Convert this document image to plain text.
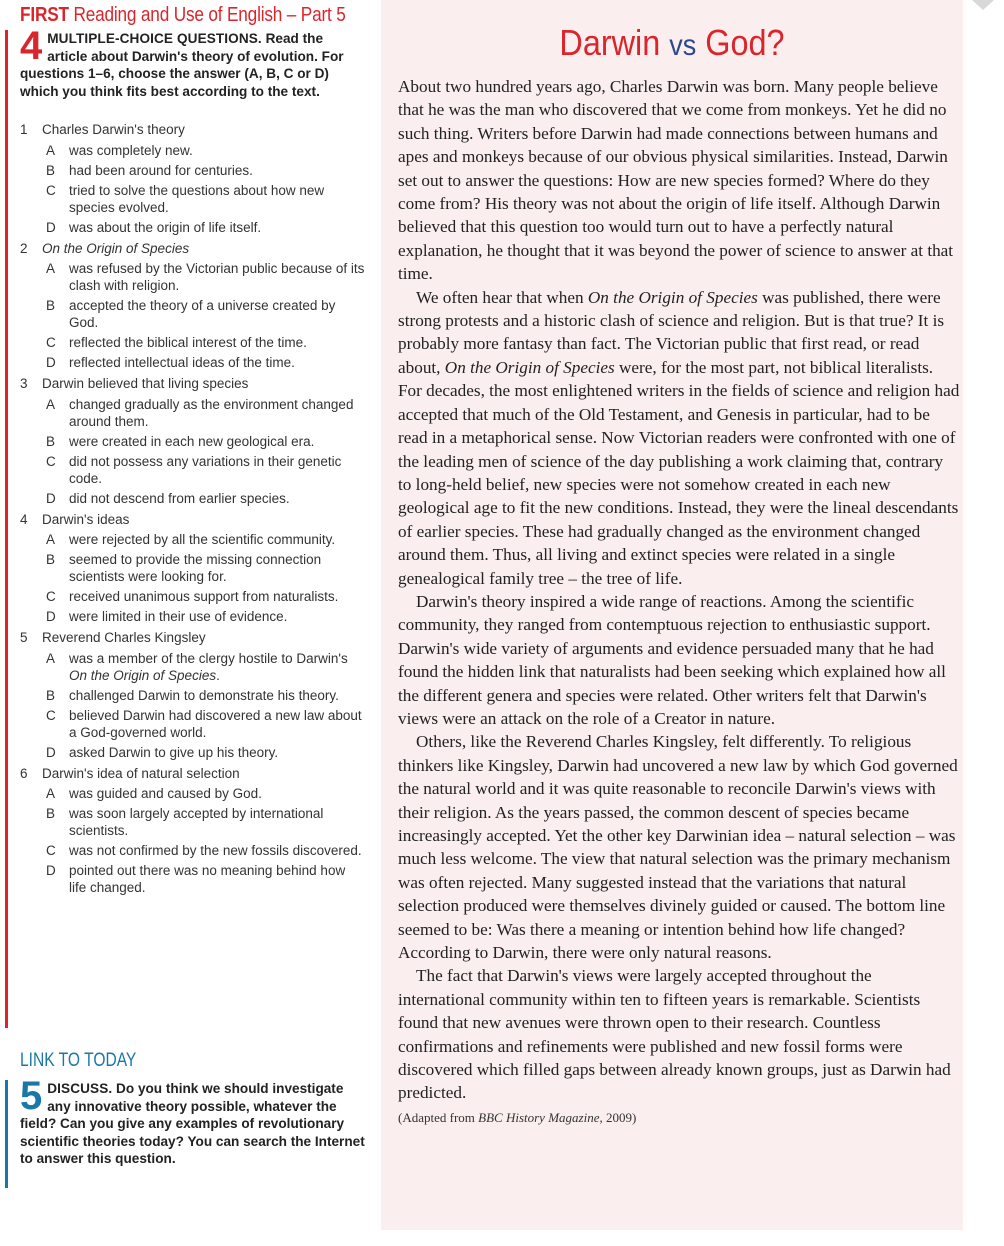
FIRST Reading and Use of English – Part 5
4 MULTIPLE-CHOICE QUESTIONS. Read the article about Darwin's theory of evolution. For questions 1–6, choose the answer (A, B, C or D) which you think fits best according to the text.
1	Charles Darwin's theory
A	was completely new.
B	had been around for centuries.
C tried to solve the questions about how new species evolved.
D was about the origin of life itself.
2	On the Origin of Species
A	was refused by the Victorian public because of its clash with religion.
B	accepted the theory of a universe created by God.
C reflected the biblical interest of the time.
D reflected intellectual ideas of the time.
3	Darwin believed that living species
A	changed gradually as the environment changed around them.
B	were created in each new geological era.
C did not possess any variations in their genetic code.
D did not descend from earlier species.
4	Darwin's ideas
A	were rejected by all the scientific community.
B	seemed to provide the missing connection scientists were looking for.
C received unanimous support from naturalists.
D were limited in their use of evidence.
5	Reverend Charles Kingsley
A	was a member of the clergy hostile to Darwin's On the Origin of Species.
B	challenged Darwin to demonstrate his theory.
C believed Darwin had discovered a new law about a God-governed world.
D asked Darwin to give up his theory.
6	Darwin's idea of natural selection
A	was guided and caused by God.
B	was soon largely accepted by international scientists.
C was not confirmed by the new fossils discovered.
D pointed out there was no meaning behind how life changed.
LINK TO TODAY
5 DISCUSS. Do you think we should investigate any innovative theory possible, whatever the field? Can you give any examples of revolutionary scientific theories today? You can search the Internet to answer this question.
Darwin vs God?

About two hundred years ago, Charles Darwin was born. Many people believe that he was the man who discovered that we come from monkeys. Yet he did no such thing. Writers before Darwin had made connections between humans and apes and monkeys because of our obvious physical similarities. Instead, Darwin set out to answer the questions: How are new species formed? Where do they come from? His theory was not about the origin of life itself. Although Darwin believed that this question too would turn out to have a perfectly natural explanation, he thought that it was beyond the power of science to answer at that time.

We often hear that when On the Origin of Species was published, there were strong protests and a historic clash of science and religion. But is that true? It is probably more fantasy than fact. The Victorian public that first read, or read about, On the Origin of Species were, for the most part, not biblical literalists. For decades, the most enlightened writers in the fields of science and religion had accepted that much of the Old Testament, and Genesis in particular, had to be read in a metaphorical sense. Now Victorian readers were confronted with one of the leading men of science of the day publishing a work claiming that, contrary to long-held belief, new species were not somehow created in each new geological age to fit the new conditions. Instead, they were the lineal descendants of earlier species. These had gradually changed as the environment changed around them. Thus, all living and extinct species were related in a single genealogical family tree – the tree of life.

Darwin's theory inspired a wide range of reactions. Among the scientific community, they ranged from contemptuous rejection to enthusiastic support. Darwin's wide variety of arguments and evidence persuaded many that he had found the hidden link that naturalists had been seeking which explained how all the different genera and species were related. Other writers felt that Darwin's views were an attack on the role of a Creator in nature.

Others, like the Reverend Charles Kingsley, felt differently. To religious thinkers like Kingsley, Darwin had uncovered a new law by which God governed the natural world and it was quite reasonable to reconcile Darwin's views with their religion. As the years passed, the common descent of species became increasingly accepted. Yet the other key Darwinian idea – natural selection – was much less welcome. The view that natural selection was the primary mechanism was often rejected. Many suggested instead that the variations that natural selection produced were themselves divinely guided or caused. The bottom line seemed to be: Was there a meaning or intention behind how life changed? According to Darwin, there were only natural reasons.

The fact that Darwin's views were largely accepted throughout the international community within ten to fifteen years is remarkable. Scientists found that new avenues were thrown open to their research. Countless confirmations and refinements were published and new fossil forms were discovered which filled gaps between already known groups, just as Darwin had predicted.

(Adapted from BBC History Magazine, 2009)
